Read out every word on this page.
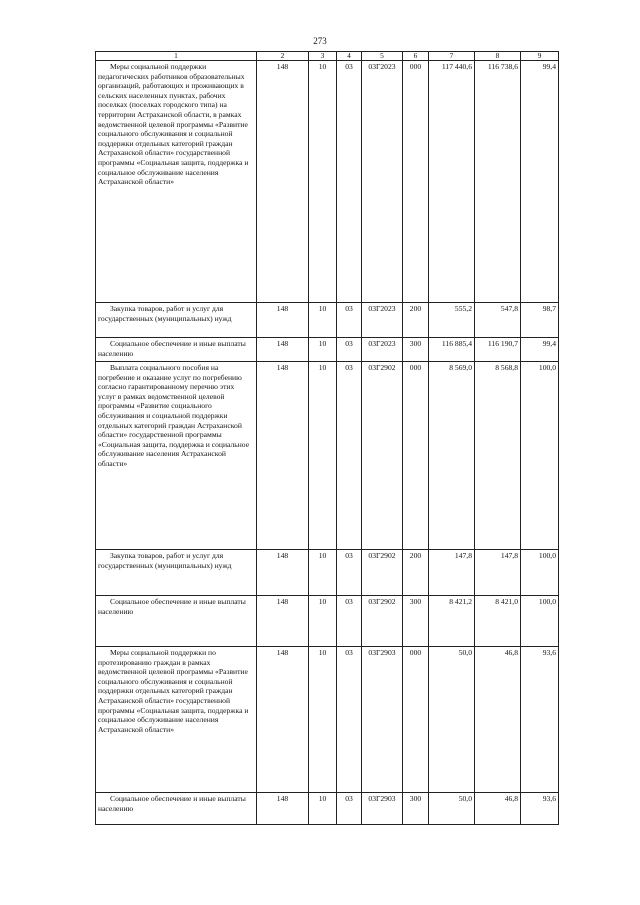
273
1	2	3	4	5	6	7	8	9
Меры социальной поддержки педагогических работников образовательных организаций, работающих и проживающих в сельских населенных пунктах, рабочих поселках (поселках городского типа) на территории Астраханской области, в рамках ведомственной целевой программы «Развитие социального обслуживания и социальной поддержки отдельных категорий граждан Астраханской области» государственной программы «Социальная защита, поддержка и социальное обслуживание населения Астраханской области»	148	10	03	03Г2023	000	117 440,6	116 738,6	99,4
Закупка товаров, работ и услуг для государственных (муниципальных) нужд	148	10	03	03Г2023	200	555,2	547,8	98,7
Социальное обеспечение и иные выплаты населению	148	10	03	03Г2023	300	116 885,4	116 190,7	99,4
Выплата социального пособия на погребение и оказание услуг по погребению согласно гарантированному перечню этих услуг в рамках ведомственной целевой программы «Развитие социального обслуживания и социальной поддержки отдельных категорий граждан Астраханской области» государственной программы «Социальная защита, поддержка и социальное обслуживание населения Астраханской области»	148	10	03	03Г2902	000	8 569,0	8 568,8	100,0
Закупка товаров, работ и услуг для государственных (муниципальных) нужд	148	10	03	03Г2902	200	147,8	147,8	100,0
Социальное обеспечение и иные выплаты населению	148	10	03	03Г2902	300	8 421,2	8 421,0	100,0
Меры социальной поддержки по протезированию граждан в рамках ведомственной целевой программы «Развитие социального обслуживания и социальной поддержки отдельных категорий граждан Астраханской области» государственной программы «Социальная защита, поддержка и социальное обслуживание населения Астраханской области»	148	10	03	03Г2903	000	50,0	46,8	93,6
Социальное обеспечение и иные выплаты населению	148	10	03	03Г2903	300	50,0	46,8	93,6
